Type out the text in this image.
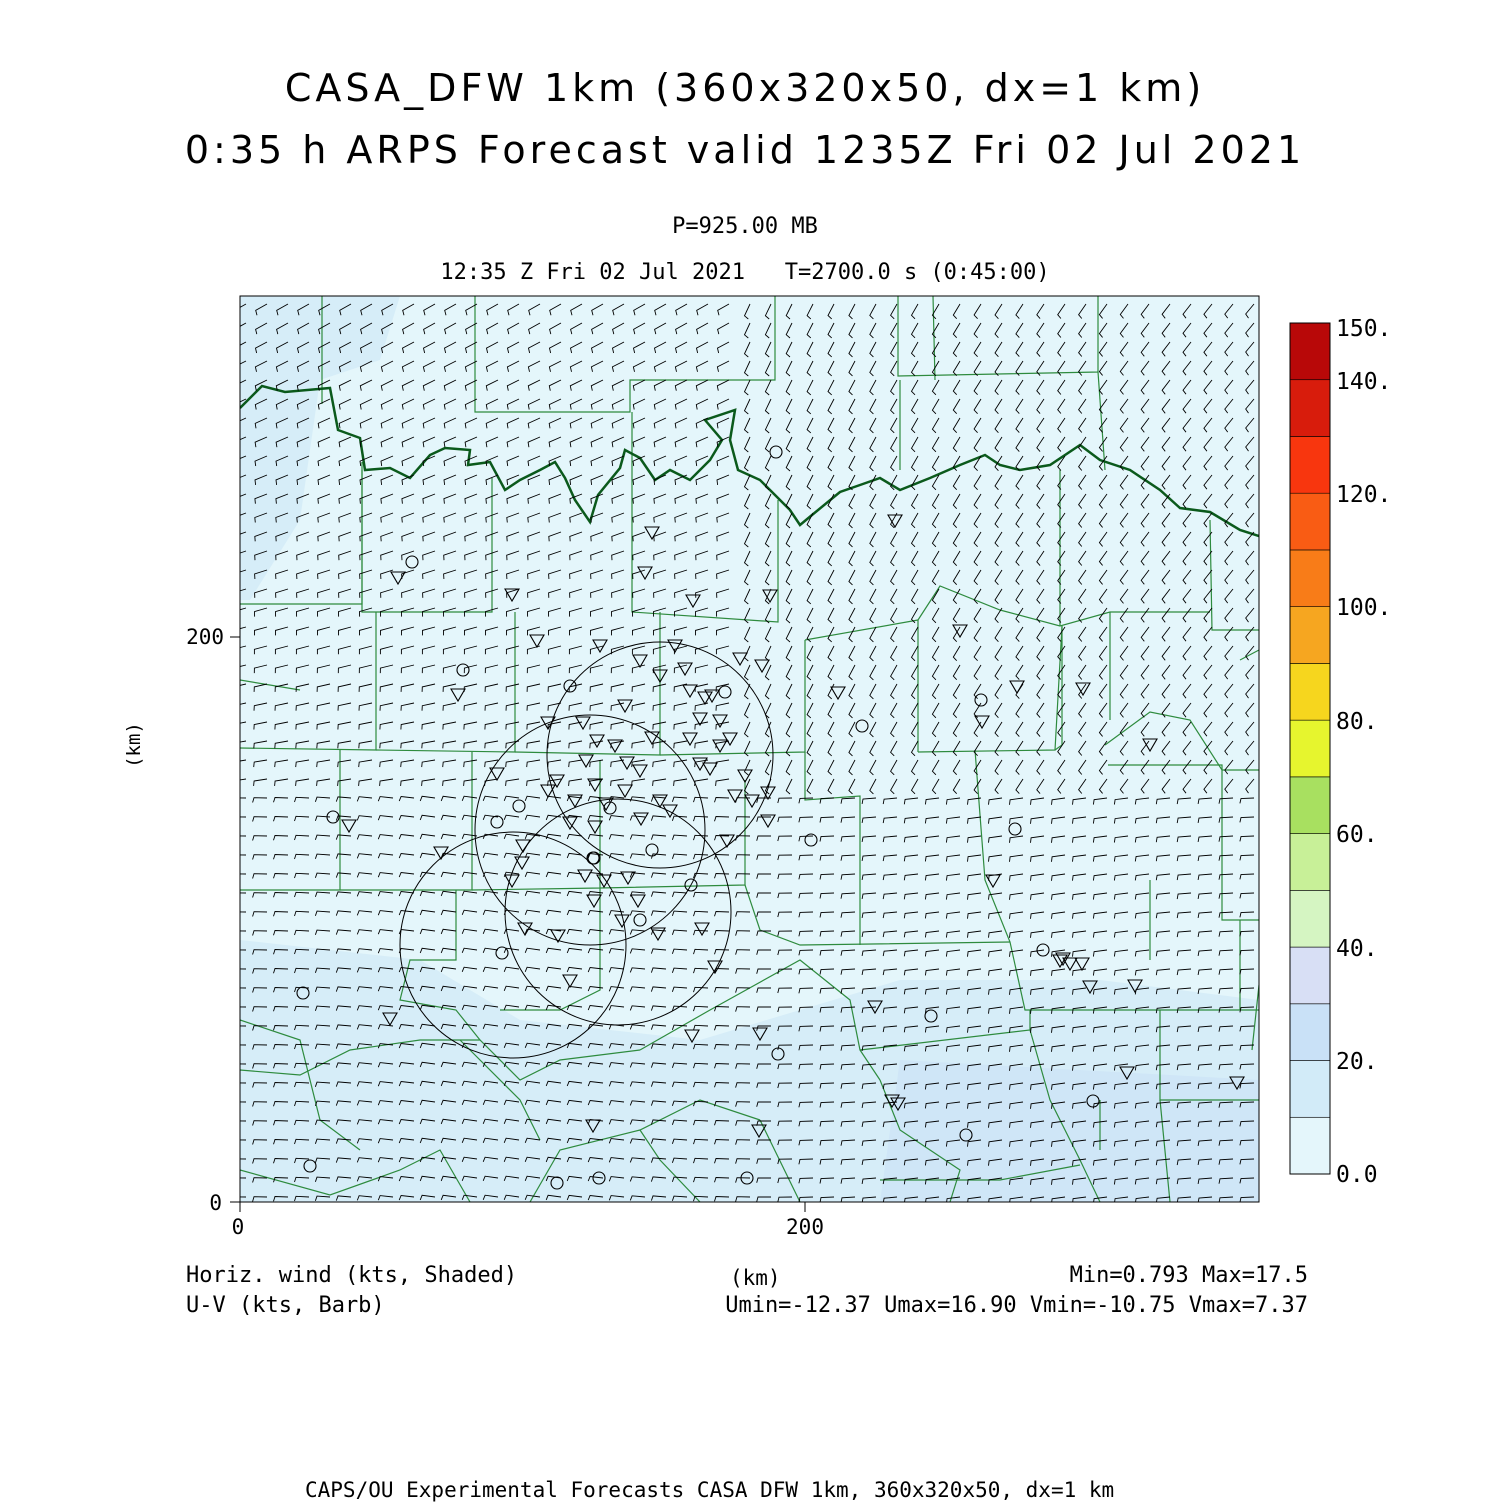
0	200
0
200
(km)
0.0
20.
40.
60.
80.
100.
120.
140.
150.
CASA_DFW 1km (360x320x50, dx=1 km)
0:35 h ARPS Forecast valid 1235Z Fri 02 Jul 2021
P=925.00 MB
12:35 Z Fri 02 Jul 2021   T=2700.0 s (0:45:00)
Horiz. wind (kts, Shaded)
U-V (kts, Barb)
(km)	Min=0.793 Max=17.5
Umin=-12.37 Umax=16.90 Vmin=-10.75 Vmax=7.37
CAPS/OU Experimental Forecasts CASA DFW 1km, 360x320x50, dx=1 km
